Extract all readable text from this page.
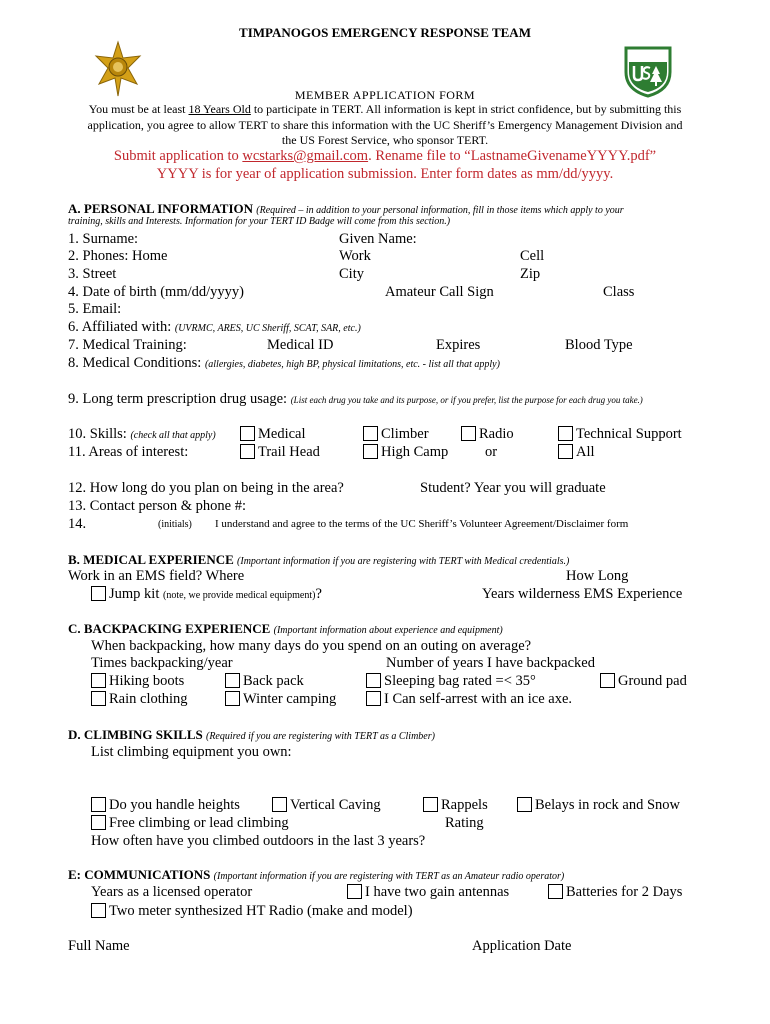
TIMPANOGOS EMERGENCY RESPONSE TEAM
MEMBER APPLICATION FORM
You must be at least 18 Years Old to participate in TERT. All information is kept in strict confidence, but by submitting this
application, you agree to allow TERT to share this information with the UC Sheriff’s Emergency Management Division and
the US Forest Service, who sponsor TERT.
Submit application to wcstarks@gmail.com. Rename file to “LastnameGivenameYYYY.pdf”
YYYY is for year of application submission. Enter form dates as mm/dd/yyyy.
A. PERSONAL INFORMATION (Required – in addition to your personal information, fill in those items which apply to your
training, skills and Interests. Information for your TERT ID Badge will come from this section.)
1. Surname:	Given Name:
2. Phones: Home	Work	Cell
3. Street	City	Zip
4. Date of birth (mm/dd/yyyy)	Amateur Call Sign	Class
5. Email:
6. Affiliated with: (UVRMC, ARES, UC Sheriff, SCAT, SAR, etc.)
7. Medical Training:	Medical ID	Expires	Blood Type
8. Medical Conditions: (allergies, diabetes, high BP, physical limitations, etc. - list all that apply)
9. Long term prescription drug usage: (List each drug you take and its purpose, or if you prefer, list the purpose for each drug you take.)
10. Skills: (check all that apply)	Medical	Climber	Radio	Technical Support
11. Areas of interest:	Trail Head	High Camp	or	All
12. How long do you plan on being in the area?	Student? Year you will graduate
13. Contact person & phone #:
14.	(initials) I understand and agree to the terms of the UC Sheriff’s Volunteer Agreement/Disclaimer form
B. MEDICAL EXPERIENCE (Important information if you are registering with TERT with Medical credentials.)
Work in an EMS field? Where	How Long
Jump kit (note, we provide medical equipment)?	Years wilderness EMS Experience
C. BACKPACKING EXPERIENCE (Important information about experience and equipment)
When backpacking, how many days do you spend on an outing on average?
Times backpacking/year	Number of years I have backpacked
Hiking boots	Back pack	Sleeping bag rated =< 35°	Ground pad
Rain clothing	Winter camping	I Can self-arrest with an ice axe.
D. CLIMBING SKILLS (Required if you are registering with TERT as a Climber)
List climbing equipment you own:
Do you handle heights	Vertical Caving	Rappels	Belays in rock and Snow
Free climbing or lead climbing	Rating
How often have you climbed outdoors in the last 3 years?
E: COMMUNICATIONS (Important information if you are registering with TERT as an Amateur radio operator)
Years as a licensed operator	I have two gain antennas	Batteries for 2 Days
Two meter synthesized HT Radio (make and model)
Full Name	Application Date
